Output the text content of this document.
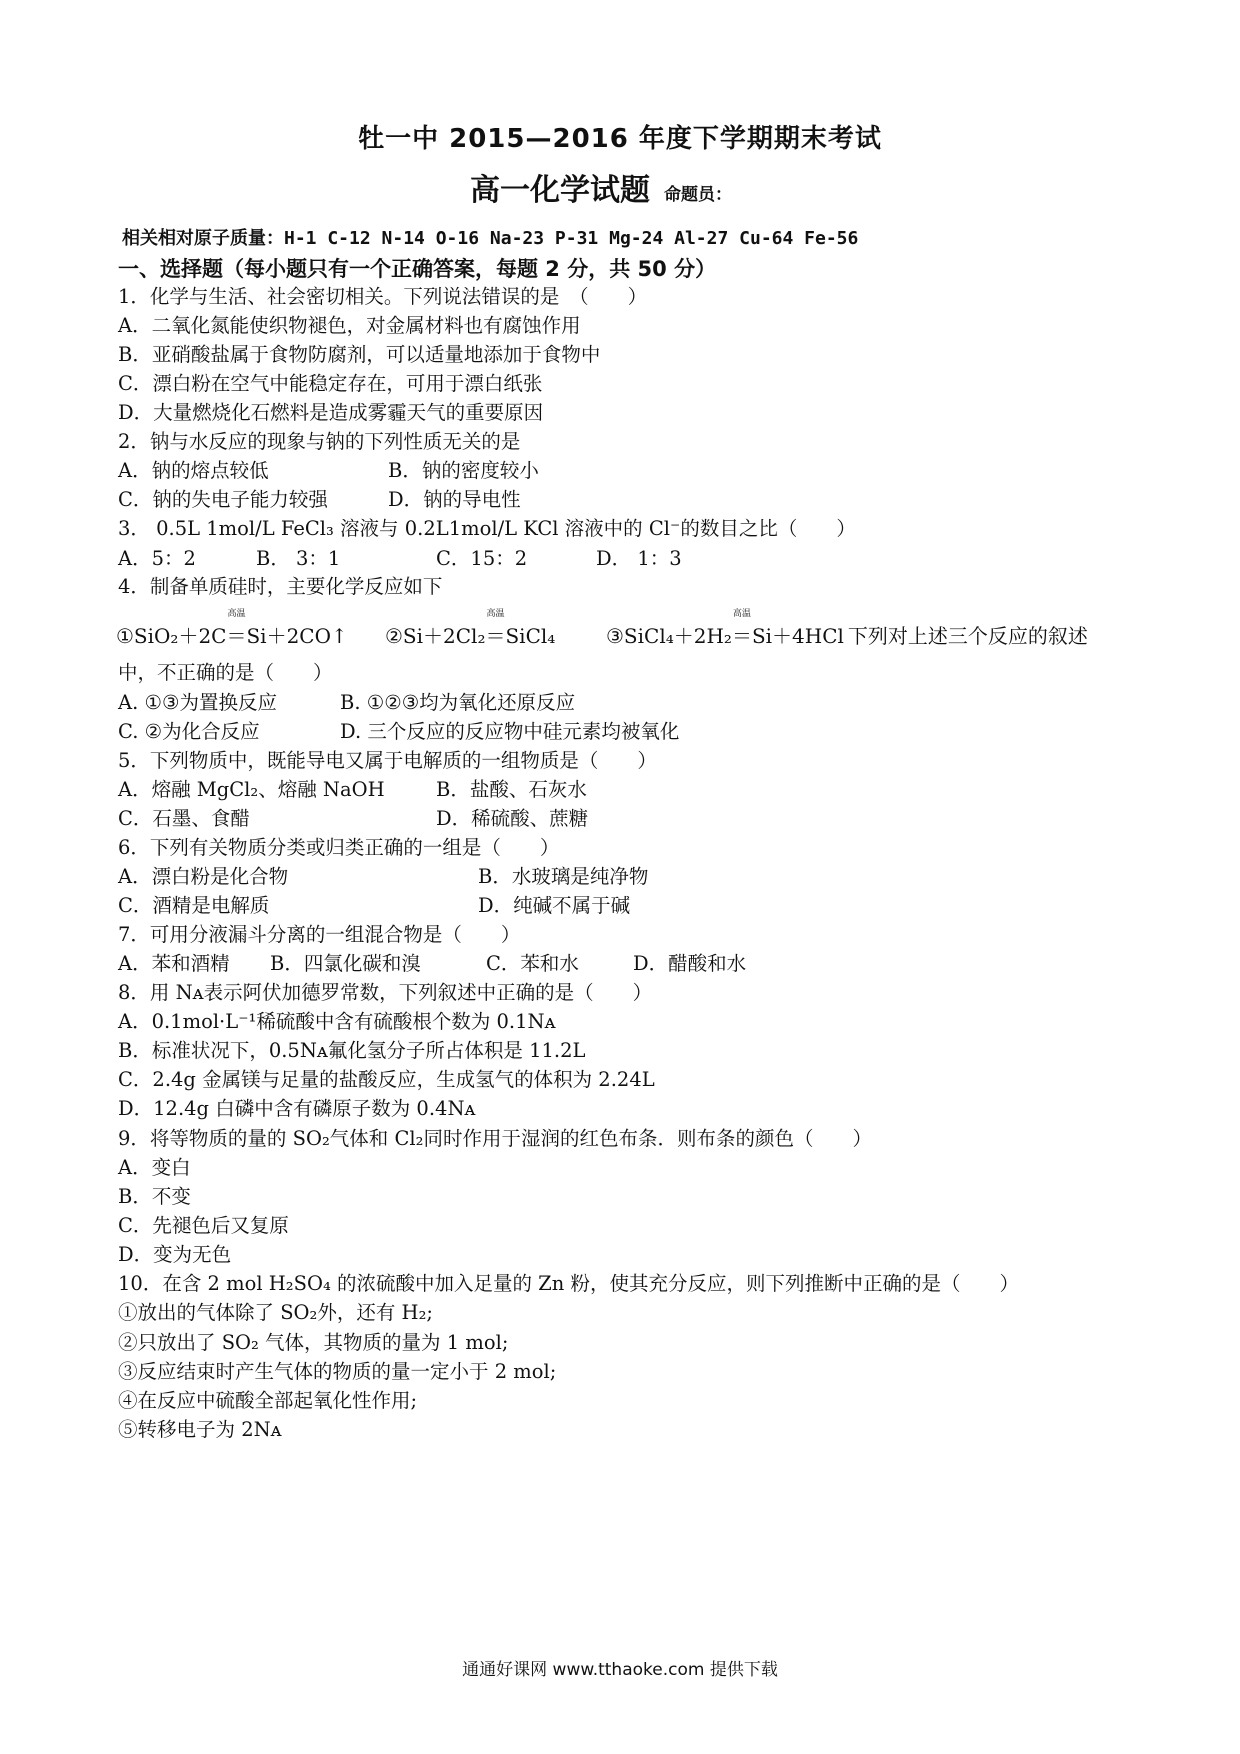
牡一中 2015—2016 年度下学期期末考试
高一化学试题 命题员：
相关相对原子质量：H-1 C-12 N-14 O-16 Na-23 P-31 Mg-24 Al-27 Cu-64 Fe-56
一、选择题（每小题只有一个正确答案，每题 2 分，共 50 分）
1．化学与生活、社会密切相关。下列说法错误的是　（　　）
A．二氧化氮能使织物褪色，对金属材料也有腐蚀作用
B．亚硝酸盐属于食物防腐剂，可以适量地添加于食物中
C．漂白粉在空气中能稳定存在，可用于漂白纸张
D．大量燃烧化石燃料是造成雾霾天气的重要原因
2．钠与水反应的现象与钠的下列性质无关的是
A．钠的熔点较低	B．钠的密度较小
C．钠的失电子能力较强	D．钠的导电性
3． 0.5L 1mol/L FeCl₃ 溶液与 0.2L1mol/L KCl 溶液中的 Cl⁻的数目之比（　　）
A．5：2	B． 3：1	C．15：2	D． 1：3
4．制备单质硅时，主要化学反应如下
①SiO₂＋2C
高温
＝Si＋2CO↑ ②Si＋2Cl₂
高温
＝SiCl₄	③SiCl₄＋2H₂
高温
＝Si＋4HCl 下列对上述三个反应的叙述
中，不正确的是（　　）
A. ①③为置换反应	B. ①②③均为氧化还原反应
C. ②为化合反应	D. 三个反应的反应物中硅元素均被氧化
5．下列物质中，既能导电又属于电解质的一组物质是（　　）
A．熔融 MgCl₂、熔融 NaOH	B．盐酸、石灰水
C．石墨、食醋	D．稀硫酸、蔗糖
6．下列有关物质分类或归类正确的一组是（　　）
A．漂白粉是化合物	B．水玻璃是纯净物
C．酒精是电解质	D．纯碱不属于碱
7．可用分液漏斗分离的一组混合物是（　　）
A．苯和酒精 B．四氯化碳和溴	C．苯和水	D．醋酸和水
8．用 Nᴀ表示阿伏加德罗常数，下列叙述中正确的是（　　）
A．0.1mol·L⁻¹稀硫酸中含有硫酸根个数为 0.1Nᴀ
B．标准状况下，0.5Nᴀ氟化氢分子所占体积是 11.2L
C．2.4g 金属镁与足量的盐酸反应，生成氢气的体积为 2.24L
D．12.4g 白磷中含有磷原子数为 0.4Nᴀ
9．将等物质的量的 SO₂气体和 Cl₂同时作用于湿润的红色布条．则布条的颜色（　　）
A．变白
B．不变
C．先褪色后又复原
D．变为无色
10．在含 2 mol H₂SO₄ 的浓硫酸中加入足量的 Zn 粉，使其充分反应，则下列推断中正确的是（　　）
①放出的气体除了 SO₂外，还有 H₂;
②只放出了 SO₂ 气体，其物质的量为 1 mol;
③反应结束时产生气体的物质的量一定小于 2 mol;
④在反应中硫酸全部起氧化性作用;
⑤转移电子为 2Nᴀ
通通好课网 www.tthaoke.com 提供下载
